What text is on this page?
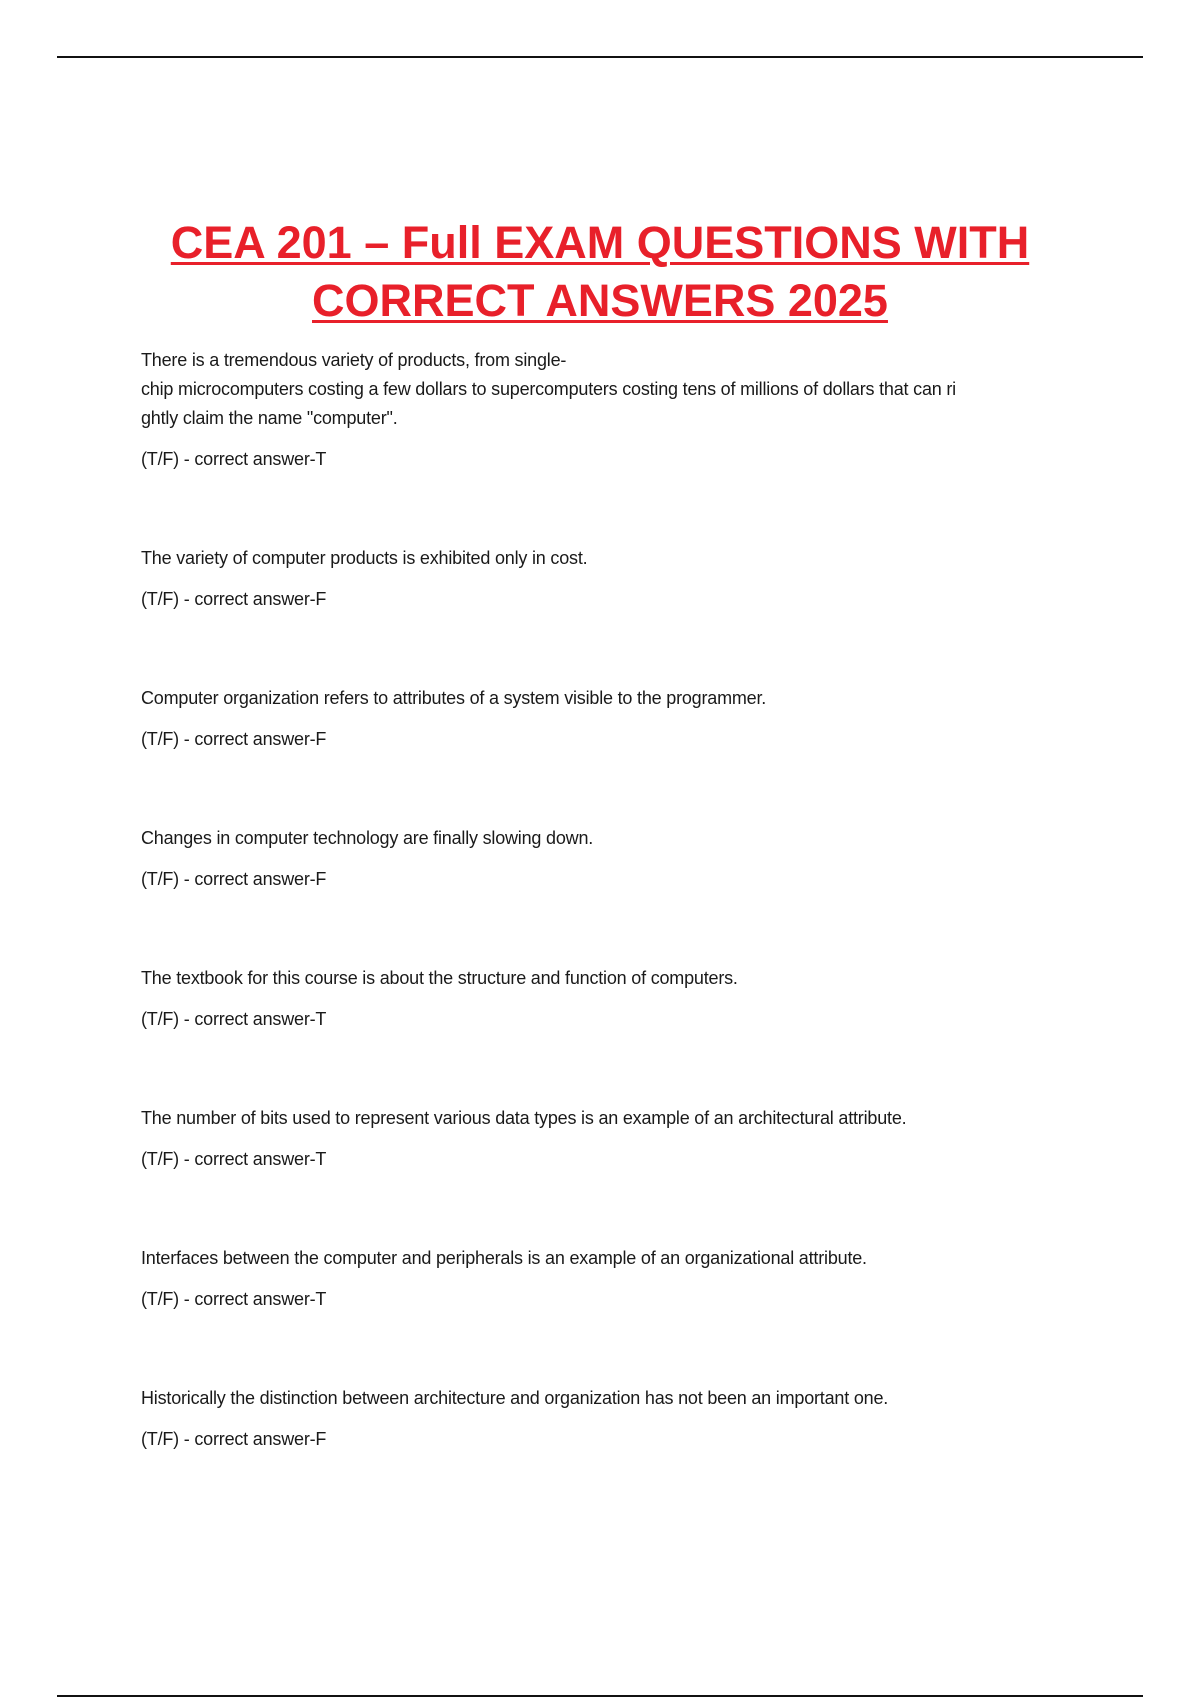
CEA 201 – Full EXAM QUESTIONS WITH
CORRECT ANSWERS 2025

There is a tremendous variety of products, from single-
chip microcomputers costing a few dollars to supercomputers costing tens of millions of dollars that can ri
ghtly claim the name "computer".

(T/F) - correct answer-T

The variety of computer products is exhibited only in cost.

(T/F) - correct answer-F

Computer organization refers to attributes of a system visible to the programmer.

(T/F) - correct answer-F

Changes in computer technology are finally slowing down.

(T/F) - correct answer-F

The textbook for this course is about the structure and function of computers.

(T/F) - correct answer-T

The number of bits used to represent various data types is an example of an architectural attribute.

(T/F) - correct answer-T

Interfaces between the computer and peripherals is an example of an organizational attribute.

(T/F) - correct answer-T

Historically the distinction between architecture and organization has not been an important one.

(T/F) - correct answer-F
